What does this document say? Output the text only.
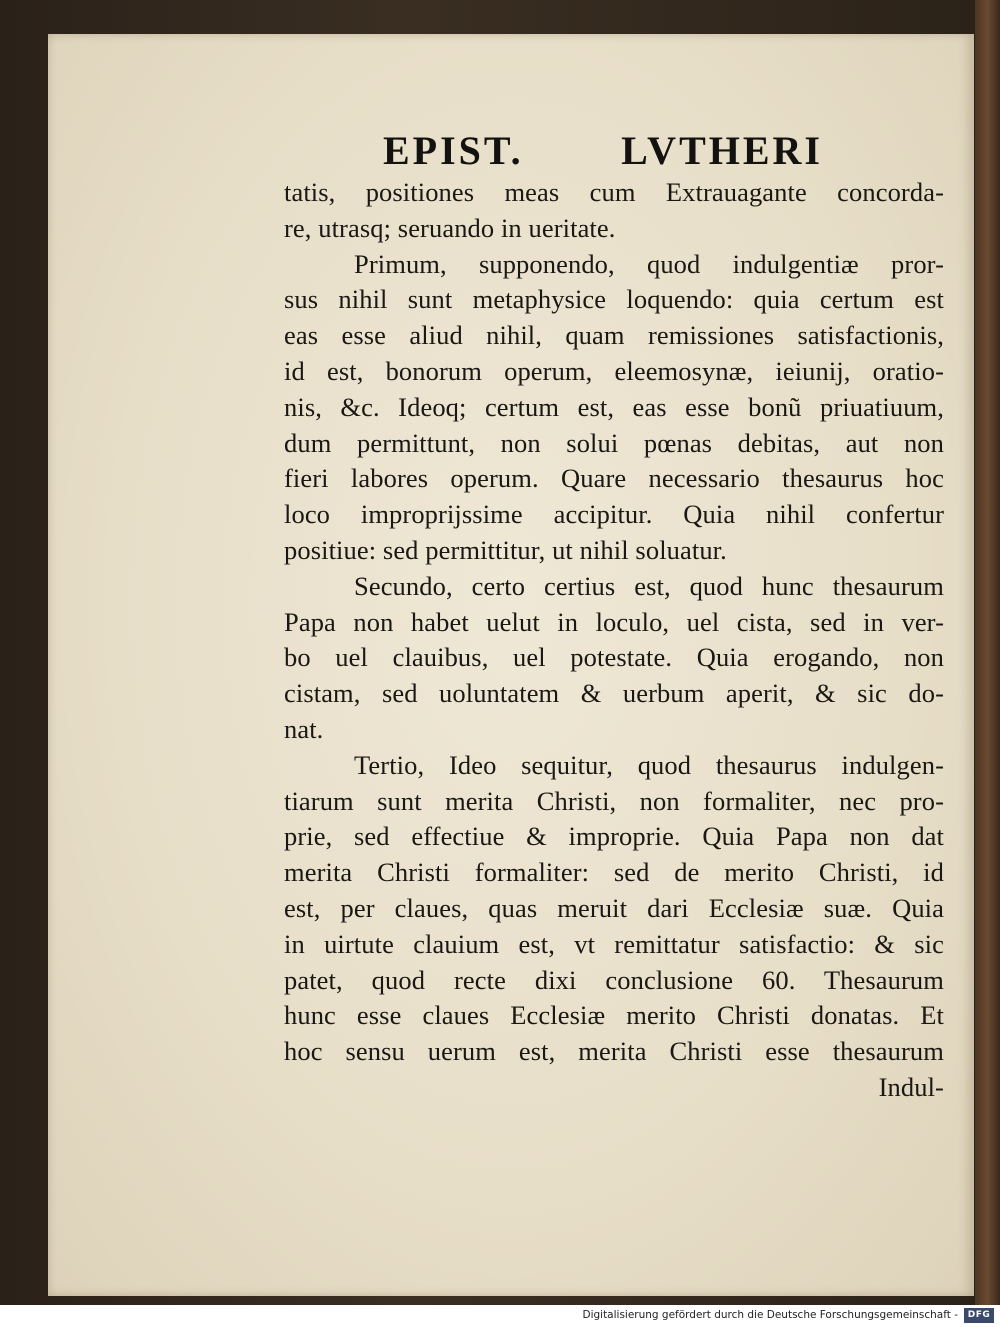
EPIST. LVTHERI
tatis, positiones meas cum Extrauagante concorda-
re, utrasq; seruando in ueritate.
Primum, supponendo, quod indulgentiæ pror-
sus nihil sunt metaphysice loquendo: quia certum est
eas esse aliud nihil, quam remissiones satisfactionis,
id est, bonorum operum, eleemosynæ, ieiunij, oratio-
nis, &c. Ideoq; certum est, eas esse bonũ priuatiuum,
dum permittunt, non solui pœnas debitas, aut non
fieri labores operum. Quare necessario thesaurus hoc
loco improprijssime accipitur. Quia nihil confertur
positiue: sed permittitur, ut nihil soluatur.
Secundo, certo certius est, quod hunc thesaurum
Papa non habet uelut in loculo, uel cista, sed in ver-
bo uel clauibus, uel potestate. Quia erogando, non
cistam, sed uoluntatem & uerbum aperit, & sic do-
nat.
Tertio, Ideo sequitur, quod thesaurus indulgen-
tiarum sunt merita Christi, non formaliter, nec pro-
prie, sed effectiue & improprie. Quia Papa non dat
merita Christi formaliter: sed de merito Christi, id
est, per claues, quas meruit dari Ecclesiæ suæ. Quia
in uirtute clauium est, vt remittatur satisfactio: & sic
patet, quod recte dixi conclusione 60. Thesaurum
hunc esse claues Ecclesiæ merito Christi donatas. Et
hoc sensu uerum est, merita Christi esse thesaurum
Indul-
Digitalisierung gefördert durch die Deutsche Forschungsgemeinschaft -	DFG
